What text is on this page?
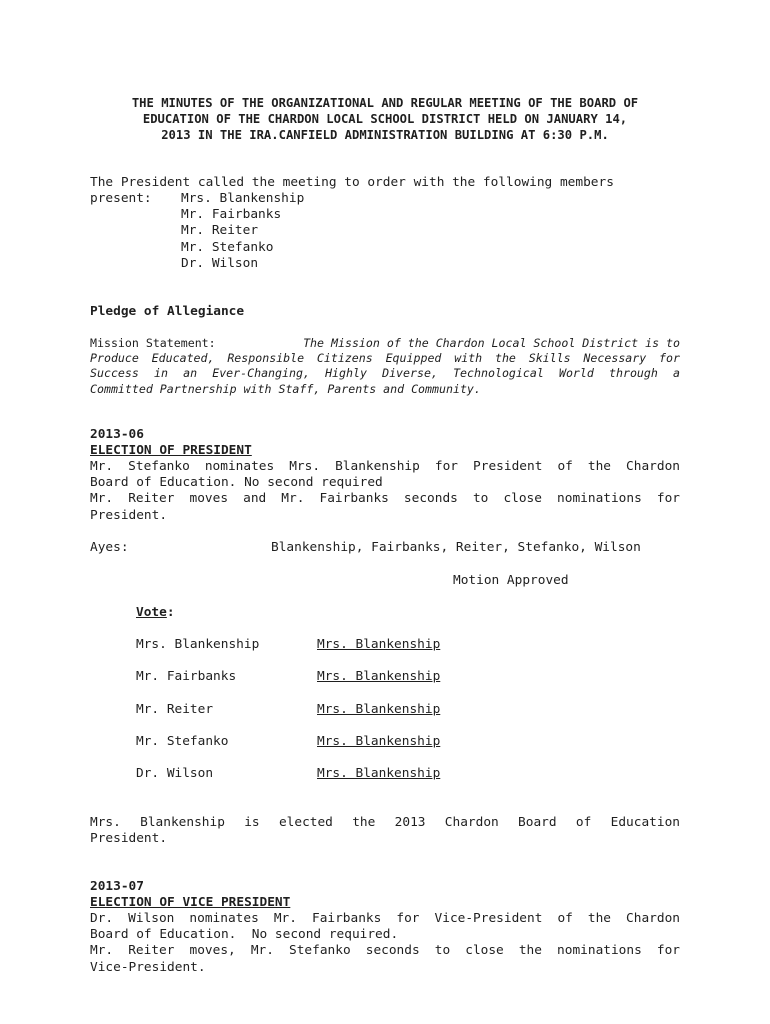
THE MINUTES OF THE ORGANIZATIONAL AND REGULAR MEETING OF THE BOARD OF
EDUCATION OF THE CHARDON LOCAL SCHOOL DISTRICT HELD ON JANUARY 14,
2013 IN THE IRA.CANFIELD ADMINISTRATION BUILDING AT 6:30 P.M.
The President called the meeting to order with the following members
present:	Mrs. Blankenship
Mr. Fairbanks
Mr. Reiter
Mr. Stefanko
Dr. Wilson
Pledge of Allegiance
Mission Statement:	The Mission of the Chardon Local School District is to
Produce Educated, Responsible Citizens Equipped with the Skills Necessary for
Success in an Ever-Changing, Highly Diverse, Technological World through a
Committed Partnership with Staff, Parents and Community.
2013-06
ELECTION OF PRESIDENT
Mr. Stefanko nominates Mrs. Blankenship for President of the Chardon
Board of Education. No second required
Mr. Reiter moves and Mr. Fairbanks seconds to close nominations for
President.
Ayes:	Blankenship, Fairbanks, Reiter, Stefanko, Wilson
Motion Approved
Vote:
Mrs. Blankenship	Mrs. Blankenship
Mr. Fairbanks	Mrs. Blankenship
Mr. Reiter	Mrs. Blankenship
Mr. Stefanko	Mrs. Blankenship
Dr. Wilson	Mrs. Blankenship
Mrs. Blankenship is elected the 2013 Chardon Board of Education
President.
2013-07
ELECTION OF VICE PRESIDENT
Dr. Wilson nominates Mr. Fairbanks for Vice-President of the Chardon
Board of Education.  No second required.
Mr. Reiter moves, Mr. Stefanko seconds to close the nominations for
Vice-President.
